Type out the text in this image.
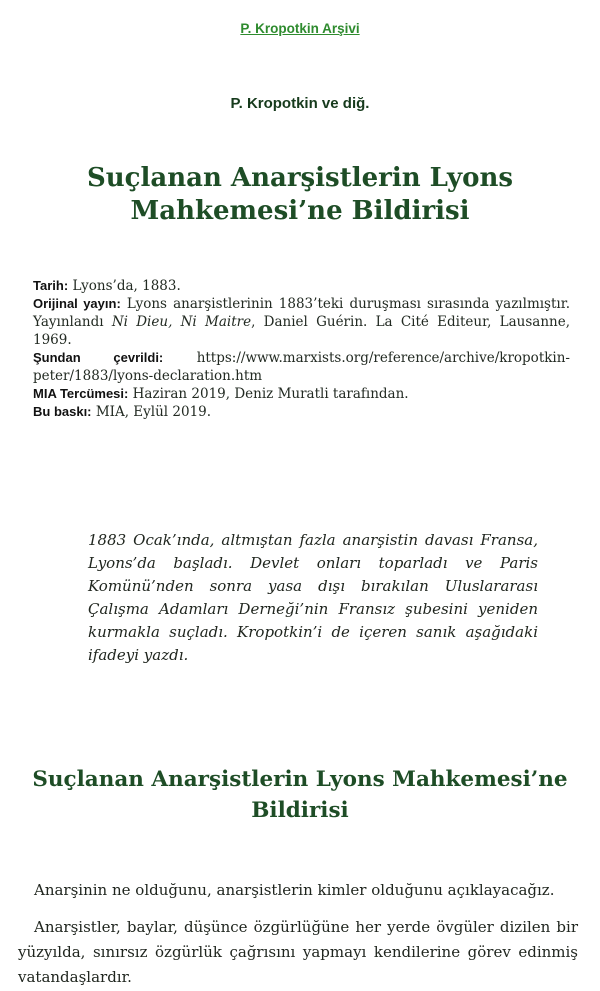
P. Kropotkin Arşivi
P. Kropotkin ve diğ.
Suçlanan Anarşistlerin Lyons Mahkemesi’ne Bildirisi
Tarih: Lyons’da, 1883.
Orijinal yayın: Lyons anarşistlerinin 1883’teki duruşması sırasında yazılmıştır. Yayınlandı Ni Dieu, Ni Maitre, Daniel Guérin. La Cité Editeur, Lausanne, 1969.
Şundan çevrildi: https://www.marxists.org/reference/archive/kropotkin-peter/1883/lyons-declaration.htm
MIA Tercümesi: Haziran 2019, Deniz Muratli tarafından.
Bu baskı: MIA, Eylül 2019.
1883 Ocak’ında, altmıştan fazla anarşistin davası Fransa, Lyons’da başladı. Devlet onları toparladı ve Paris Komünü’nden sonra yasa dışı bırakılan Uluslararası Çalışma Adamları Derneği’nin Fransız şubesini yeniden kurmakla suçladı. Kropotkin’i de içeren sanık aşağıdaki ifadeyi yazdı.
Suçlanan Anarşistlerin Lyons Mahkemesi’ne Bildirisi

Anarşinin ne olduğunu, anarşistlerin kimler olduğunu açıklayacağız.

Anarşistler, baylar, düşünce özgürlüğüne her yerde övgüler dizilen bir yüzyılda, sınırsız özgürlük çağrısını yapmayı kendilerine görev edinmiş vatandaşlardır.
